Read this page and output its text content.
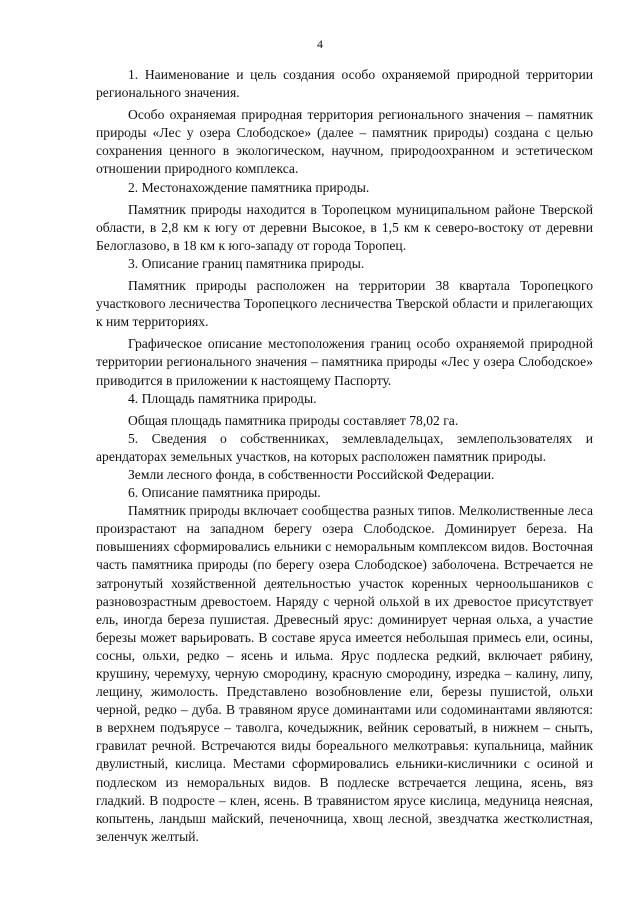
4

1. Наименование и цель создания особо охраняемой природной территории регионального значения.

Особо охраняемая природная территория регионального значения – памятник природы «Лес у озера Слободское» (далее – памятник природы) создана с целью сохранения ценного в экологическом, научном, природоохранном и эстетическом отношении природного комплекса.

2. Местонахождение памятника природы.

Памятник природы находится в Торопецком муниципальном районе Тверской области, в 2,8 км к югу от деревни Высокое, в 1,5 км к северо-востоку от деревни Белоглазово, в 18 км к юго-западу от города Торопец.

3. Описание границ памятника природы.

Памятник природы расположен на территории 38 квартала Торопецкого участкового лесничества Торопецкого лесничества Тверской области и прилегающих к ним территориях.

Графическое описание местоположения границ особо охраняемой природной территории регионального значения – памятника природы «Лес у озера Слободское» приводится в приложении к настоящему Паспорту.

4. Площадь памятника природы.

Общая площадь памятника природы составляет 78,02 га.

5. Сведения о собственниках, землевладельцах, землепользователях и арендаторах земельных участков, на которых расположен памятник природы.

Земли лесного фонда, в собственности Российской Федерации.

6. Описание памятника природы.

Памятник природы включает сообщества разных типов. Мелколиственные леса произрастают на западном берегу озера Слободское. Доминирует береза. На повышениях сформировались ельники с неморальным комплексом видов. Восточная часть памятника природы (по берегу озера Слободское) заболочена. Встречается не затронутый хозяйственной деятельностью участок коренных черноольшаников с разновозрастным древостоем. Наряду с черной ольхой в их древостое присутствует ель, иногда береза пушистая. Древесный ярус: доминирует черная ольха, а участие березы может варьировать. В составе яруса имеется небольшая примесь ели, осины, сосны, ольхи, редко – ясень и ильма. Ярус подлеска редкий, включает рябину, крушину, черемуху, черную смородину, красную смородину, изредка – калину, липу, лещину, жимолость. Представлено возобновление ели, березы пушистой, ольхи черной, редко – дуба. В травяном ярусе доминантами или содоминантами являются: в верхнем подъярусе – таволга, кочедыжник, вейник сероватый, в нижнем – сныть, гравилат речной. Встречаются виды бореального мелкотравья: купальница, майник двулистный, кислица. Местами сформировались ельники-кисличники с осиной и подлеском из неморальных видов. В подлеске встречается лещина, ясень, вяз гладкий. В подросте – клен, ясень. В травянистом ярусе кислица, медуница неясная, копытень, ландыш майский, печеночница, хвощ лесной, звездчатка жестколистная, зеленчук желтый.
